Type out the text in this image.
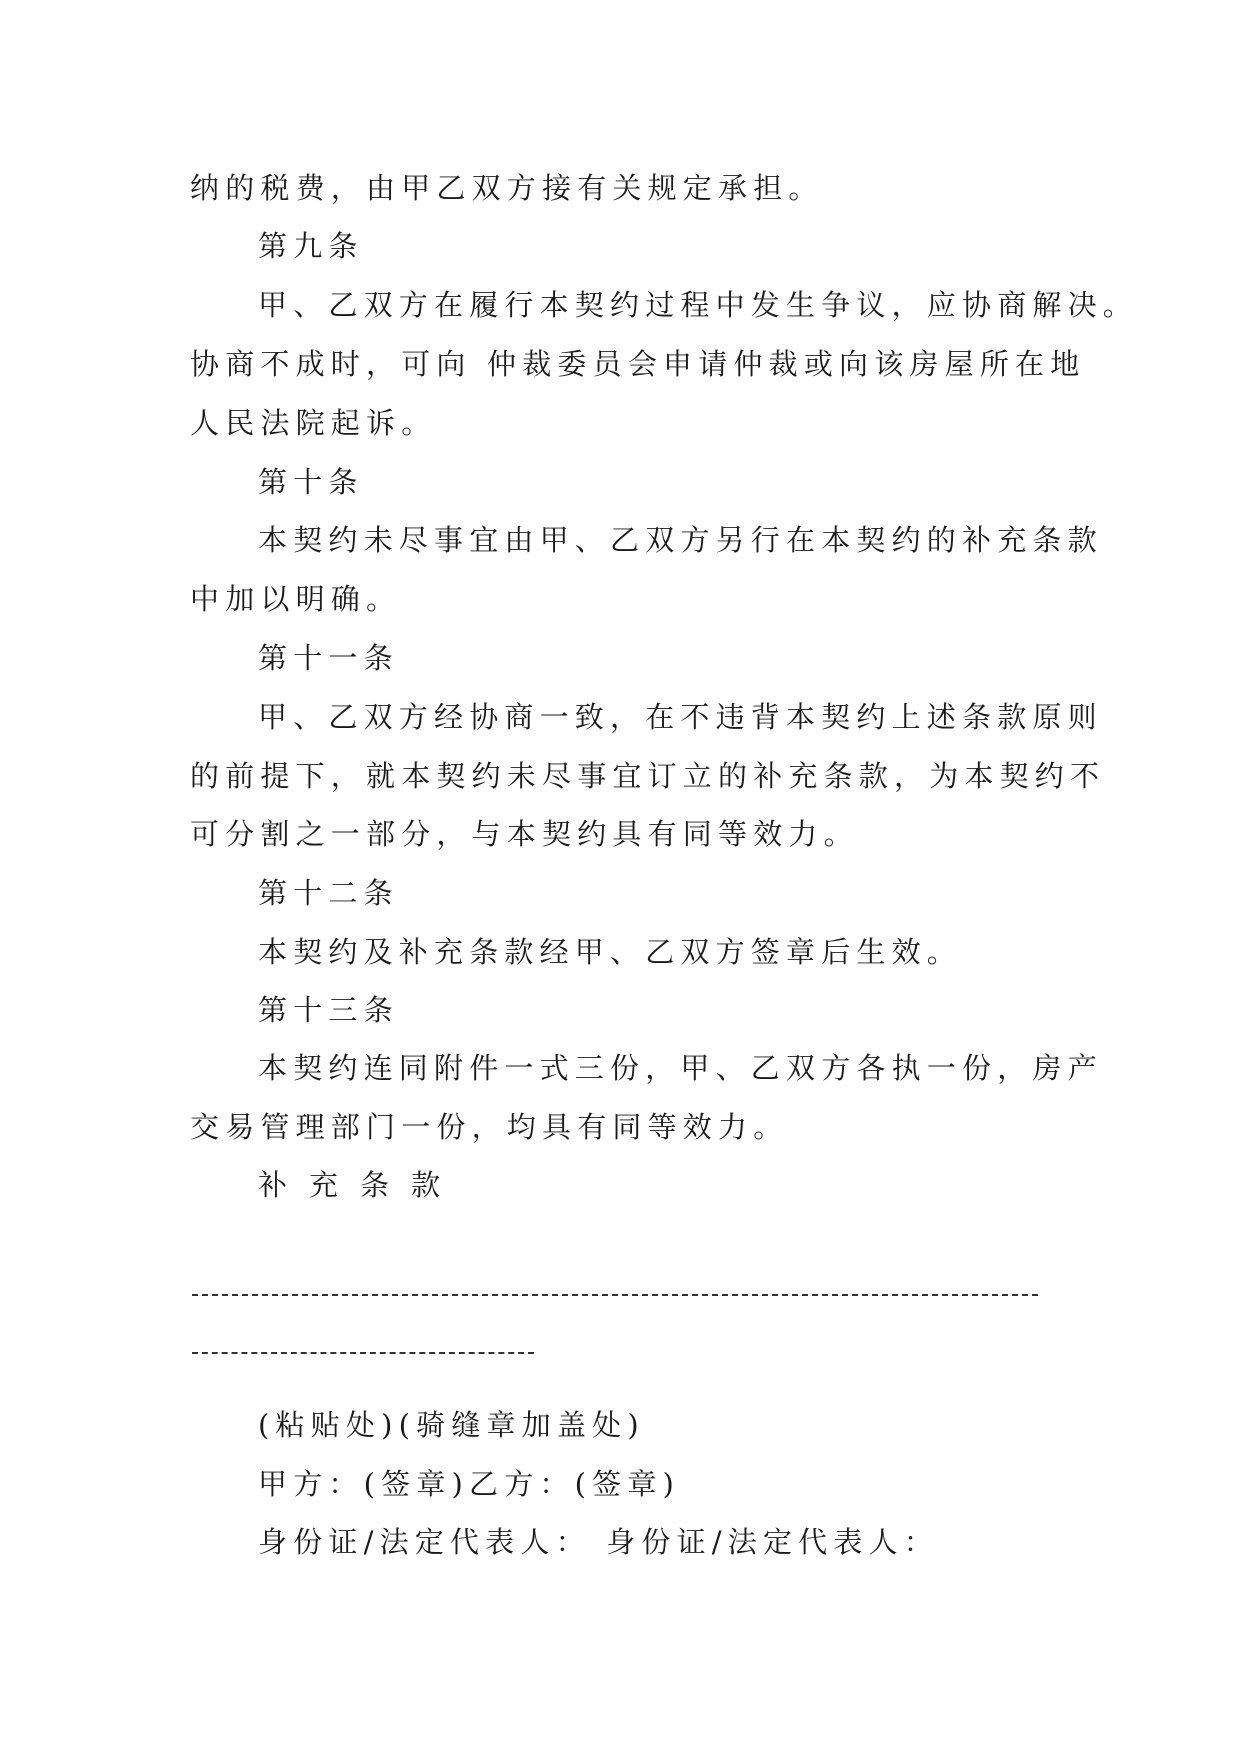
纳的税费，由甲乙双方接有关规定承担。
第九条
甲、乙双方在履行本契约过程中发生争议，应协商解决。
协商不成时，可向 仲裁委员会申请仲裁或向该房屋所在地
人民法院起诉。
第十条
本契约未尽事宜由甲、乙双方另行在本契约的补充条款
中加以明确。
第十一条
甲、乙双方经协商一致，在不违背本契约上述条款原则
的前提下，就本契约未尽事宜订立的补充条款，为本契约不
可分割之一部分，与本契约具有同等效力。
第十二条
本契约及补充条款经甲、乙双方签章后生效。
第十三条
本契约连同附件一式三份，甲、乙双方各执一份，房产
交易管理部门一份，均具有同等效力。
补充条款
(粘贴处)(骑缝章加盖处)
甲方：(签章)乙方：(签章)
身份证/法定代表人： 身份证/法定代表人：
